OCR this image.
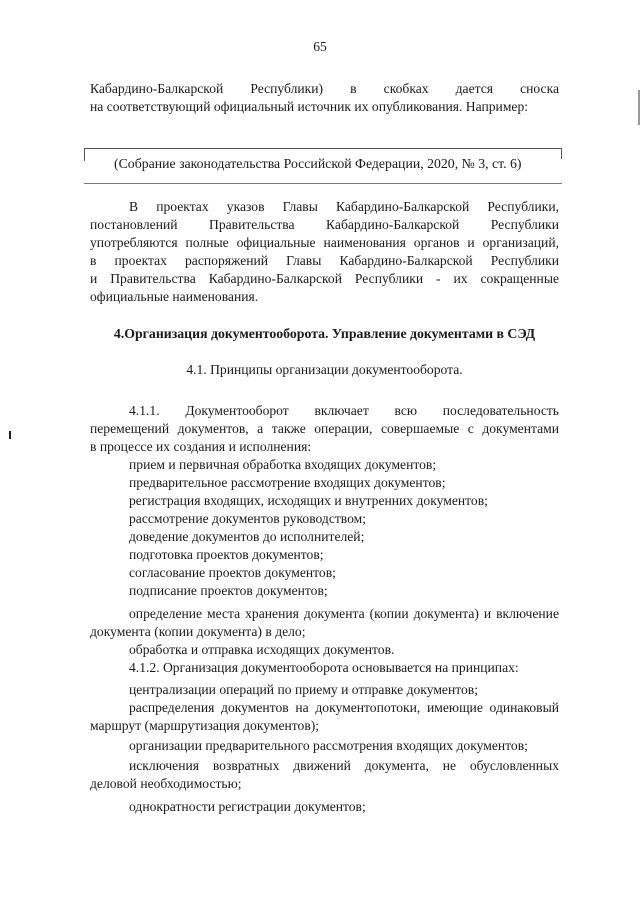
65
Кабардино-Балкарской Республики) в скобках дается сноска
на соответствующий официальный источник их опубликования. Например:
(Собрание законодательства Российской Федерации, 2020, № 3, ст. 6)
В проектах указов Главы Кабардино-Балкарской Республики,
постановлений Правительства Кабардино-Балкарской Республики
употребляются полные официальные наименования органов и организаций,
в проектах распоряжений Главы Кабардино-Балкарской Республики
и Правительства Кабардино-Балкарской Республики - их сокращенные
официальные наименования.
4.Организация документооборота. Управление документами в СЭД
4.1. Принципы организации документооборота.
4.1.1. Документооборот включает всю последовательность
перемещений документов, а также операции, совершаемые с документами
в процессе их создания и исполнения:
прием и первичная обработка входящих документов;
предварительное рассмотрение входящих документов;
регистрация входящих, исходящих и внутренних документов;
рассмотрение документов руководством;
доведение документов до исполнителей;
подготовка проектов документов;
согласование проектов документов;
подписание проектов документов;
определение места хранения документа (копии документа) и включение
документа (копии документа) в дело;
обработка и отправка исходящих документов.
4.1.2. Организация документооборота основывается на принципах:
централизации операций по приему и отправке документов;
распределения документов на документопотоки, имеющие одинаковый
маршрут (маршрутизация документов);
организации предварительного рассмотрения входящих документов;
исключения возвратных движений документа, не обусловленных
деловой необходимостью;
однократности регистрации документов;
